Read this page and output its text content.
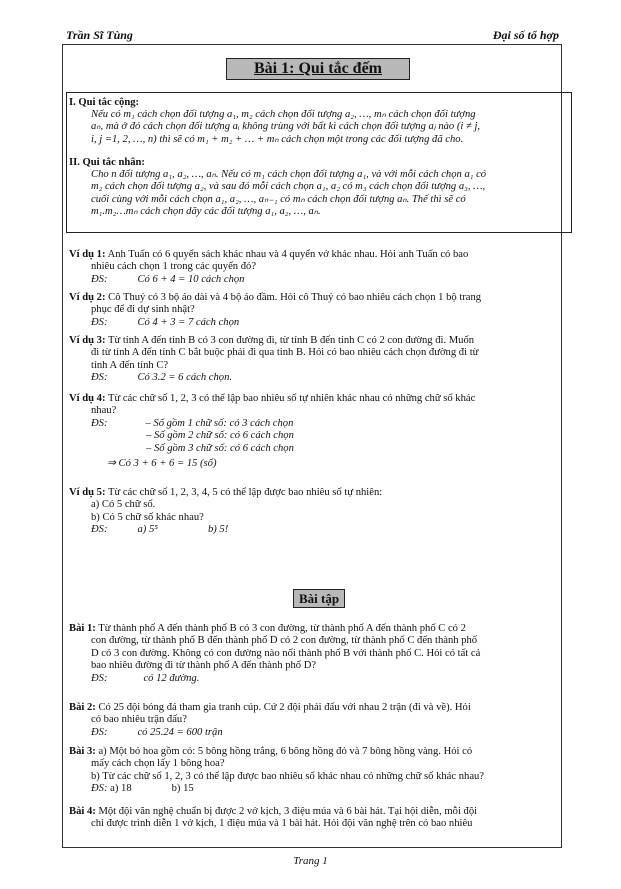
Trần Sĩ Tùng	Đại số tổ hợp
Bài 1: Qui tắc đếm
I. Qui tắc cộng:
Nếu có m₁ cách chọn đối tượng a₁, m₂ cách chọn đối tượng a₂, …, mₙ cách chọn đối tượng
aₙ, mà ở đó cách chọn đối tượng aᵢ không trùng với bất kì cách chọn đối tượng aⱼ nào (i ≠ j,
i, j =1, 2, …, n) thì sẽ có m₁ + m₂ + … + mₙ cách chọn một trong các đối tượng đã cho.
II. Qui tắc nhân:
Cho n đối tượng a₁, a₂, …, aₙ. Nếu có m₁ cách chọn đối tượng a₁, và với mỗi cách chọn a₁ có
m₂ cách chọn đối tượng a₂, và sau đó mỗi cách chọn a₁, a₂ có m₃ cách chọn đối tượng a₃, …,
cuối cùng với mỗi cách chọn a₁, a₂, …, aₙ₋₁ có mₙ cách chọn đối tượng aₙ. Thế thì sẽ có
m₁.m₂…mₙ cách chọn dãy các đối tượng a₁, a₂, …, aₙ.
Ví dụ 1: Anh Tuấn có 6 quyển sách khác nhau và 4 quyển vở khác nhau. Hỏi anh Tuấn có bao
nhiêu cách chọn 1 trong các quyển đó?
ĐS:	Có 6 + 4 = 10 cách chọn
Ví dụ 2: Cô Thuỷ có 3 bộ áo dài và 4 bộ áo đầm. Hỏi cô Thuỷ có bao nhiêu cách chọn 1 bộ trang
phục để đi dự sinh nhật?
ĐS:	Có 4 + 3 = 7 cách chọn
Ví dụ 3: Từ tỉnh A đến tỉnh B có 3 con đường đi, từ tỉnh B đến tỉnh C có 2 con đường đi. Muốn
đi từ tỉnh A đến tỉnh C bắt buộc phải đi qua tỉnh B. Hỏi có bao nhiêu cách chọn đường đi từ
tỉnh A đến tỉnh C?
ĐS:	Có 3.2 = 6 cách chọn.
Ví dụ 4: Từ các chữ số 1, 2, 3 có thể lập bao nhiêu số tự nhiên khác nhau có những chữ số khác
nhau?
ĐS:	– Số gồm 1 chữ số: có 3 cách chọn
– Số gồm 2 chữ số: có 6 cách chọn
– Số gồm 3 chữ số: có 6 cách chọn
⇒ Có 3 + 6 + 6 = 15 (số)
Ví dụ 5: Từ các chữ số 1, 2, 3, 4, 5 có thể lập được bao nhiêu số tự nhiên:
a) Có 5 chữ số.
b) Có 5 chữ số khác nhau?
ĐS:	a) 5⁵	b) 5!
Bài tập
Bài 1: Từ thành phố A đến thành phố B có 3 con đường, từ thành phố A đến thành phố C có 2
con đường, từ thành phố B đến thành phố D có 2 con đường, từ thành phố C đến thành phố
D có 3 con đường. Không có con đường nào nối thành phố B với thành phố C. Hỏi có tất cả
bao nhiêu đường đi từ thành phố A đến thành phố D?
ĐS:	có 12 đường.
Bài 2: Có 25 đội bóng đá tham gia tranh cúp. Cứ 2 đội phải đấu với nhau 2 trận (đi và về). Hỏi
có bao nhiêu trận đấu?
ĐS:	có 25.24 = 600 trận
Bài 3: a) Một bó hoa gồm có: 5 bông hồng trắng, 6 bông hồng đỏ và 7 bông hồng vàng. Hỏi có
mấy cách chọn lấy 1 bông hoa?
b) Từ các chữ số 1, 2, 3 có thể lập được bao nhiêu số khác nhau có những chữ số khác nhau?
ĐS: a) 18	b) 15
Bài 4: Một đội văn nghệ chuẩn bị được 2 vở kịch, 3 điệu múa và 6 bài hát. Tại hội diễn, mỗi đội
chỉ được trình diễn 1 vở kịch, 1 điệu múa và 1 bài hát. Hỏi đội văn nghệ trên có bao nhiêu
Trang 1
